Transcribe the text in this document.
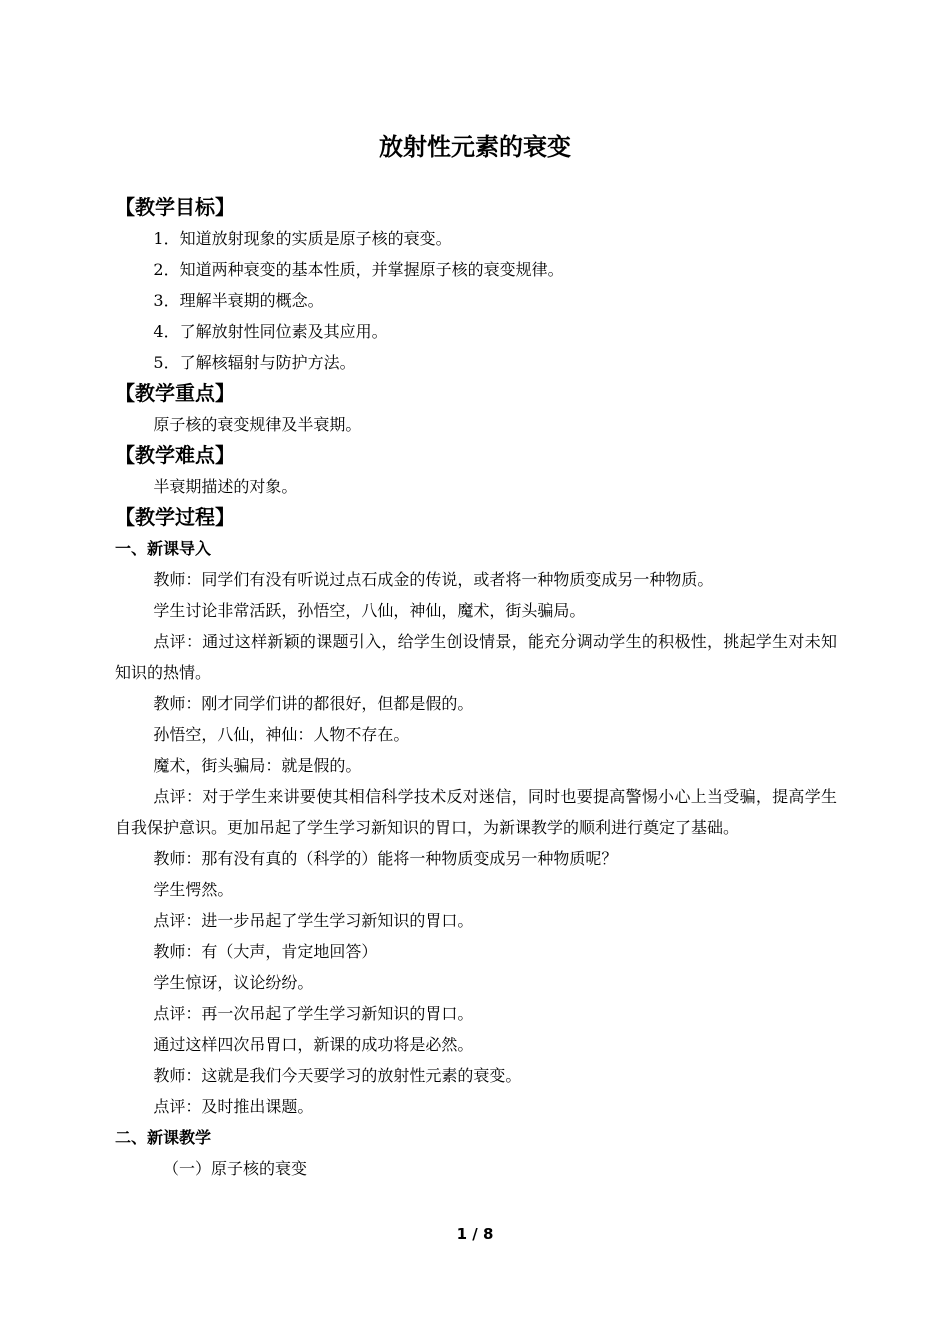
放射性元素的衰变
【教学目标】
1．知道放射现象的实质是原子核的衰变。
2．知道两种衰变的基本性质，并掌握原子核的衰变规律。
3．理解半衰期的概念。
4．了解放射性同位素及其应用。
5．了解核辐射与防护方法。
【教学重点】
原子核的衰变规律及半衰期。
【教学难点】
半衰期描述的对象。
【教学过程】
一、新课导入
教师：同学们有没有听说过点石成金的传说，或者将一种物质变成另一种物质。
学生讨论非常活跃，孙悟空，八仙，神仙，魔术，街头骗局。
点评：通过这样新颖的课题引入，给学生创设情景，能充分调动学生的积极性，挑起学生对未知知识的热情。
教师：刚才同学们讲的都很好，但都是假的。
孙悟空，八仙，神仙：人物不存在。
魔术，街头骗局：就是假的。
点评：对于学生来讲要使其相信科学技术反对迷信，同时也要提高警惕小心上当受骗，提高学生自我保护意识。更加吊起了学生学习新知识的胃口，为新课教学的顺利进行奠定了基础。
教师：那有没有真的（科学的）能将一种物质变成另一种物质呢？
学生愕然。
点评：进一步吊起了学生学习新知识的胃口。
教师：有（大声，肯定地回答）
学生惊讶，议论纷纷。
点评：再一次吊起了学生学习新知识的胃口。
通过这样四次吊胃口，新课的成功将是必然。
教师：这就是我们今天要学习的放射性元素的衰变。
点评：及时推出课题。
二、新课教学
（一）原子核的衰变
1 / 8
